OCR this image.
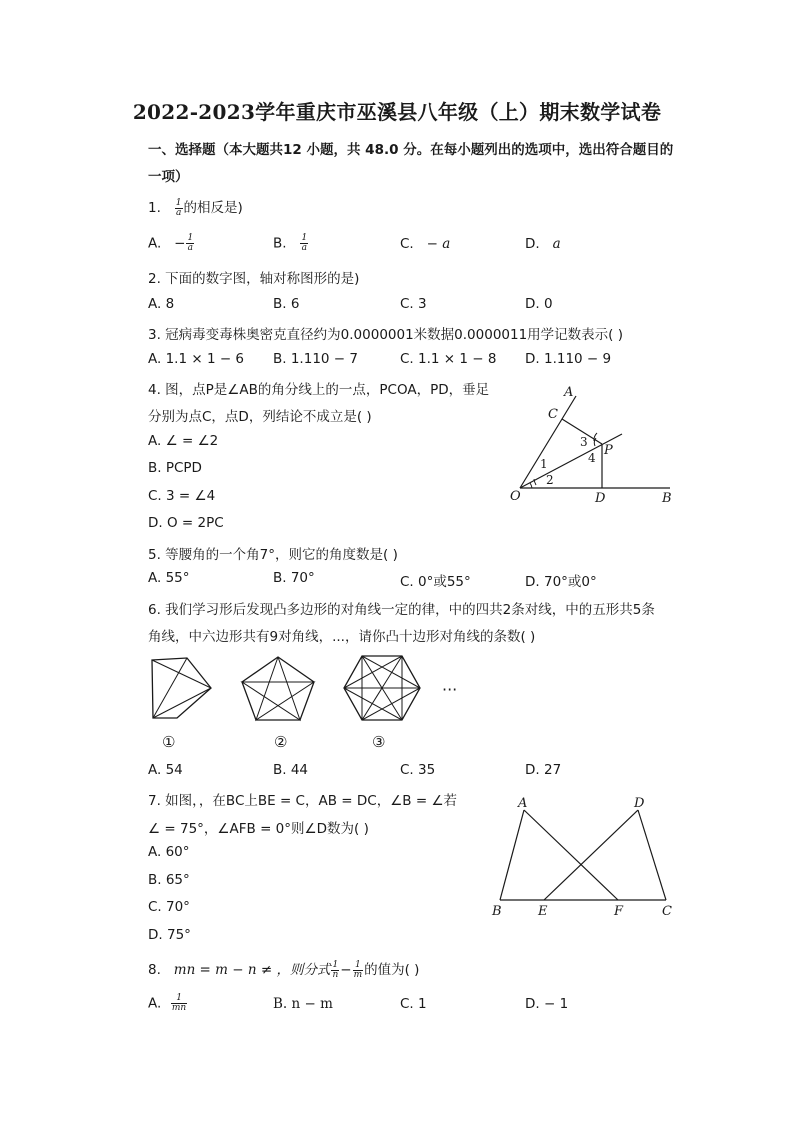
2022-2023学年重庆市巫溪县八年级（上）期末数学试卷
一、选择题（本大题共12 小题，共 48.0 分。在每小题列出的选项中，选出符合题目的
一项）
1. $\frac{1}{a}$ 的相反是)
A. − $\frac{1}{a}$	B. $\frac{1}{a}$	C. − a	D. a
2. 下面的数字图，轴对称图形的是)
A. 8	B. 6	C. 3	D. 0
3. 冠病毒变毒株奥密克直径约为0.0000001米数据0.0000011用学记数表示( )
A. 1.1 × 1 − 6 B. 1.110 − 7	C. 1.1 × 1 − 8 D. 1.110 − 9
4. 图，点P是∠AB的角分线上的一点，PCOA，PD，垂足
分别为点C，点D，列结论不成立是( )
A. ∠ = ∠2
B. PCPD
C. 3 = ∠4
D. O = 2PC
A
C
P
O	D	B
1
2
3
4
5. 等腰角的一个角7°，则它的角度数是( )
A. 55°	B. 70°	C. 0°或55°	D. 70°或0°
6. 我们学习形后发现凸多边形的对角线一定的律，中的四共2条对线，中的五形共5条
角线，中六边形共有9对角线，...，请你凸十边形对角线的条数( )
···
①	②	③
A. 54	B. 44	C. 35	D. 27
7. 如图，，在BC上BE = C，AB = DC，∠B = ∠若
∠ = 75°，∠AFB = 0°则∠D数为( )
A. 60°
B. 65°
C. 70°
D. 75°
A	D
B	E	F	C
8. mn = m − n ≠ ，则分式 $\frac{1}{n} - \frac{1}{m}$ 的值为( )
A. $\frac{1}{mn}$	B. n − m	C. 1	D. − 1
